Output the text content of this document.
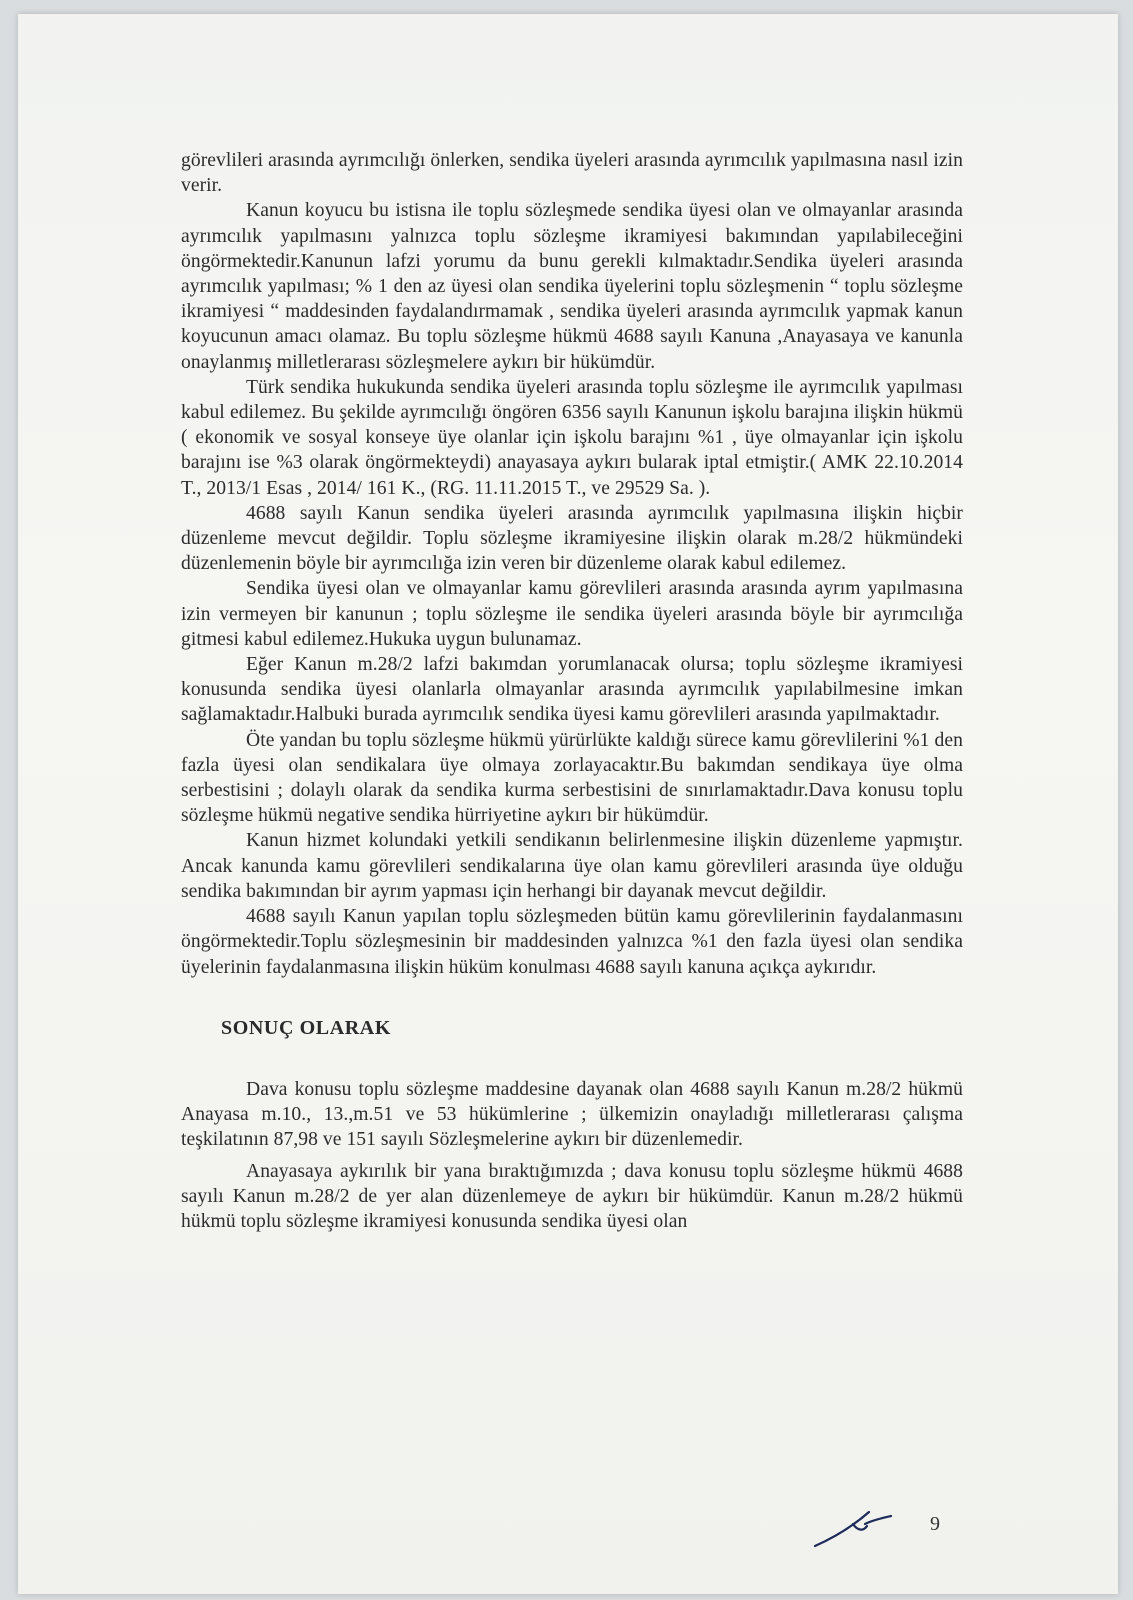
görevlileri arasında ayrımcılığı önlerken, sendika üyeleri arasında ayrımcılık yapılmasına nasıl izin verir.

Kanun koyucu bu istisna ile toplu sözleşmede sendika üyesi olan ve olmayanlar arasında ayrımcılık yapılmasını yalnızca toplu sözleşme ikramiyesi bakımından yapılabileceğini öngörmektedir.Kanunun lafzi yorumu da bunu gerekli kılmaktadır.Sendika üyeleri arasında ayrımcılık yapılması; % 1 den az üyesi olan sendika üyelerini toplu sözleşmenin “ toplu sözleşme ikramiyesi “ maddesinden faydalandırmamak , sendika üyeleri arasında ayrımcılık yapmak kanun koyucunun amacı olamaz. Bu toplu sözleşme hükmü 4688 sayılı Kanuna ,Anayasaya ve kanunla onaylanmış milletlerarası sözleşmelere aykırı bir hükümdür.

Türk sendika hukukunda sendika üyeleri arasında toplu sözleşme ile ayrımcılık yapılması kabul edilemez. Bu şekilde ayrımcılığı öngören 6356 sayılı Kanunun işkolu barajına ilişkin hükmü ( ekonomik ve sosyal konseye üye olanlar için işkolu barajını %1 , üye olmayanlar için işkolu barajını ise %3 olarak öngörmekteydi) anayasaya aykırı bularak iptal etmiştir.( AMK 22.10.2014 T., 2013/1 Esas , 2014/ 161 K., (RG. 11.11.2015 T., ve 29529 Sa. ).

4688 sayılı Kanun sendika üyeleri arasında ayrımcılık yapılmasına ilişkin hiçbir düzenleme mevcut değildir. Toplu sözleşme ikramiyesine ilişkin olarak m.28/2 hükmündeki düzenlemenin böyle bir ayrımcılığa izin veren bir düzenleme olarak kabul edilemez.

Sendika üyesi olan ve olmayanlar kamu görevlileri arasında arasında ayrım yapılmasına izin vermeyen bir kanunun ; toplu sözleşme ile sendika üyeleri arasında böyle bir ayrımcılığa gitmesi kabul edilemez.Hukuka uygun bulunamaz.

Eğer Kanun m.28/2 lafzi bakımdan yorumlanacak olursa; toplu sözleşme ikramiyesi konusunda sendika üyesi olanlarla olmayanlar arasında ayrımcılık yapılabilmesine imkan sağlamaktadır.Halbuki burada ayrımcılık sendika üyesi kamu görevlileri arasında yapılmaktadır.

Öte yandan bu toplu sözleşme hükmü yürürlükte kaldığı sürece kamu görevlilerini %1 den fazla üyesi olan sendikalara üye olmaya zorlayacaktır.Bu bakımdan sendikaya üye olma serbestisini ; dolaylı olarak da sendika kurma serbestisini de sınırlamaktadır.Dava konusu toplu sözleşme hükmü negative sendika hürriyetine aykırı bir hükümdür.

Kanun hizmet kolundaki yetkili sendikanın belirlenmesine ilişkin düzenleme yapmıştır. Ancak kanunda kamu görevlileri sendikalarına üye olan kamu görevlileri arasında üye olduğu sendika bakımından bir ayrım yapması için herhangi bir dayanak mevcut değildir.

4688 sayılı Kanun yapılan toplu sözleşmeden bütün kamu görevlilerinin faydalanmasını öngörmektedir.Toplu sözleşmesinin bir maddesinden yalnızca %1 den fazla üyesi olan sendika üyelerinin faydalanmasına ilişkin hüküm konulması 4688 sayılı kanuna açıkça aykırıdır.

SONUÇ OLARAK

Dava konusu toplu sözleşme maddesine dayanak olan 4688 sayılı Kanun m.28/2 hükmü Anayasa m.10., 13.,m.51 ve 53 hükümlerine ; ülkemizin onayladığı milletlerarası çalışma teşkilatının 87,98 ve 151 sayılı Sözleşmelerine aykırı bir düzenlemedir.

Anayasaya aykırılık bir yana bıraktığımızda ; dava konusu toplu sözleşme hükmü 4688 sayılı Kanun m.28/2 de yer alan düzenlemeye de aykırı bir hükümdür. Kanun m.28/2 hükmü hükmü toplu sözleşme ikramiyesi konusunda sendika üyesi olan

9
